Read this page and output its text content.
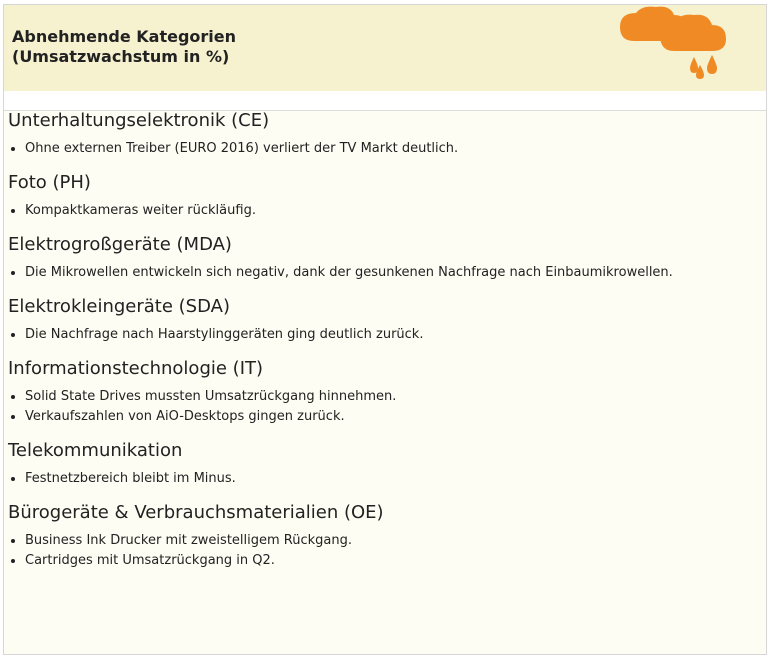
Abnehmende Kategorien
(Umsatzwachstum in %)
Unterhaltungselektronik (CE)
Ohne externen Treiber (EURO 2016) verliert der TV Markt deutlich.
Foto (PH)
Kompaktkameras weiter rückläufig.
Elektrogroßgeräte (MDA)
Die Mikrowellen entwickeln sich negativ, dank der gesunkenen Nachfrage nach Einbaumikrowellen.
Elektrokleingeräte (SDA)
Die Nachfrage nach Haarstylinggeräten ging deutlich zurück.
Informationstechnologie (IT)
Solid State Drives mussten Umsatzrückgang hinnehmen.
Verkaufszahlen von AiO-Desktops gingen zurück.
Telekommunikation
Festnetzbereich bleibt im Minus.
Bürogeräte & Verbrauchsmaterialien (OE)
Business Ink Drucker mit zweistelligem Rückgang.
Cartridges mit Umsatzrückgang in Q2.
